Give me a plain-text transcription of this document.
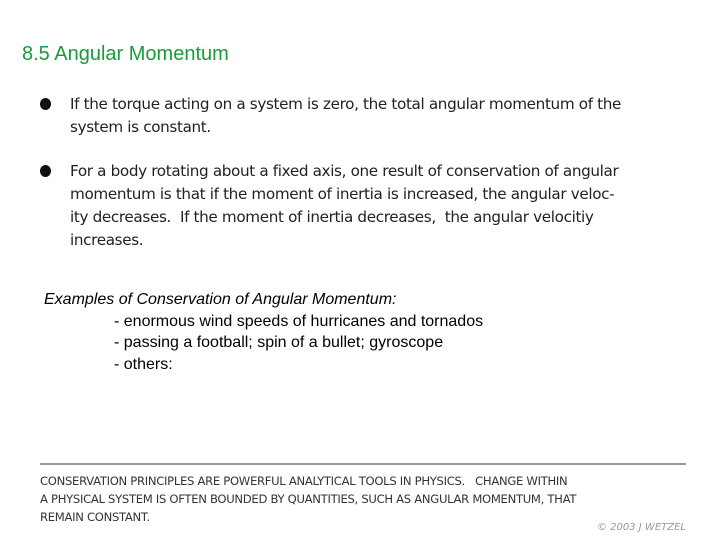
8.5 Angular Momentum
If the torque acting on a system is zero, the total angular momentum of the
system is constant.
For a body rotating about a fixed axis, one result of conservation of angular
momentum is that if the moment of inertia is increased, the angular veloc-
ity decreases.  If the moment of inertia decreases,  the angular velocitiy
increases.
Examples of Conservation of Angular Momentum:
- enormous wind speeds of hurricanes and tornados
- passing a football; spin of a bullet; gyroscope
- others:
CONSERVATION PRINCIPLES ARE POWERFUL ANALYTICAL TOOLS IN PHYSICS.   CHANGE WITHIN
A PHYSICAL SYSTEM IS OFTEN BOUNDED BY QUANTITIES, SUCH AS ANGULAR MOMENTUM, THAT
REMAIN CONSTANT.
© 2003 J WETZEL
